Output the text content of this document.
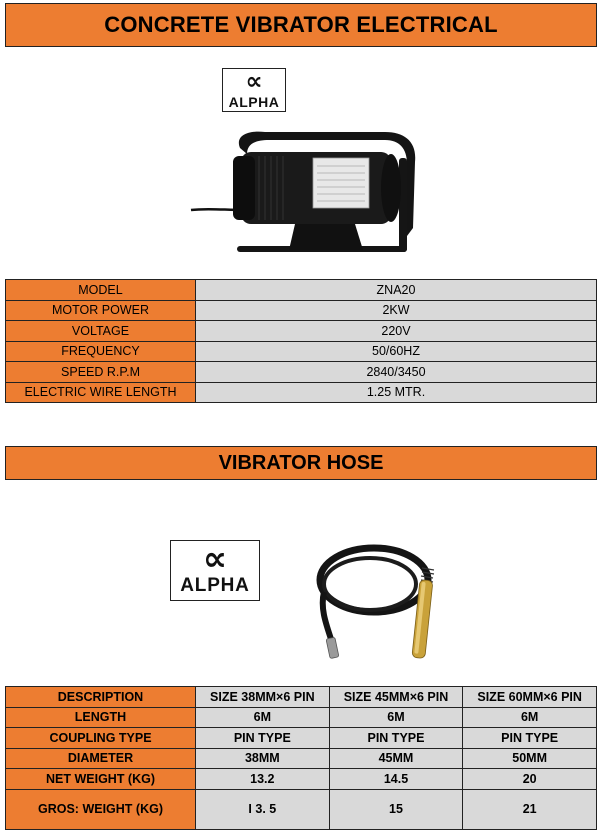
CONCRETE VIBRATOR ELECTRICAL
∝
ALPHA
MODEL	ZNA20
MOTOR POWER	2KW
VOLTAGE	220V
FREQUENCY	50/60HZ
SPEED R.P.M	2840/3450
ELECTRIC WIRE LENGTH	1.25 MTR.
VIBRATOR HOSE
∝
ALPHA
DESCRIPTION	SIZE 38MM×6 PIN	SIZE 45MM×6 PIN	SIZE 60MM×6 PIN
LENGTH	6M	6M	6M
COUPLING TYPE	PIN TYPE	PIN TYPE	PIN TYPE
DIAMETER	38MM	45MM	50MM
NET WEIGHT (KG)	13.2	14.5	20
GROS: WEIGHT (KG)	I 3. 5	15	21
